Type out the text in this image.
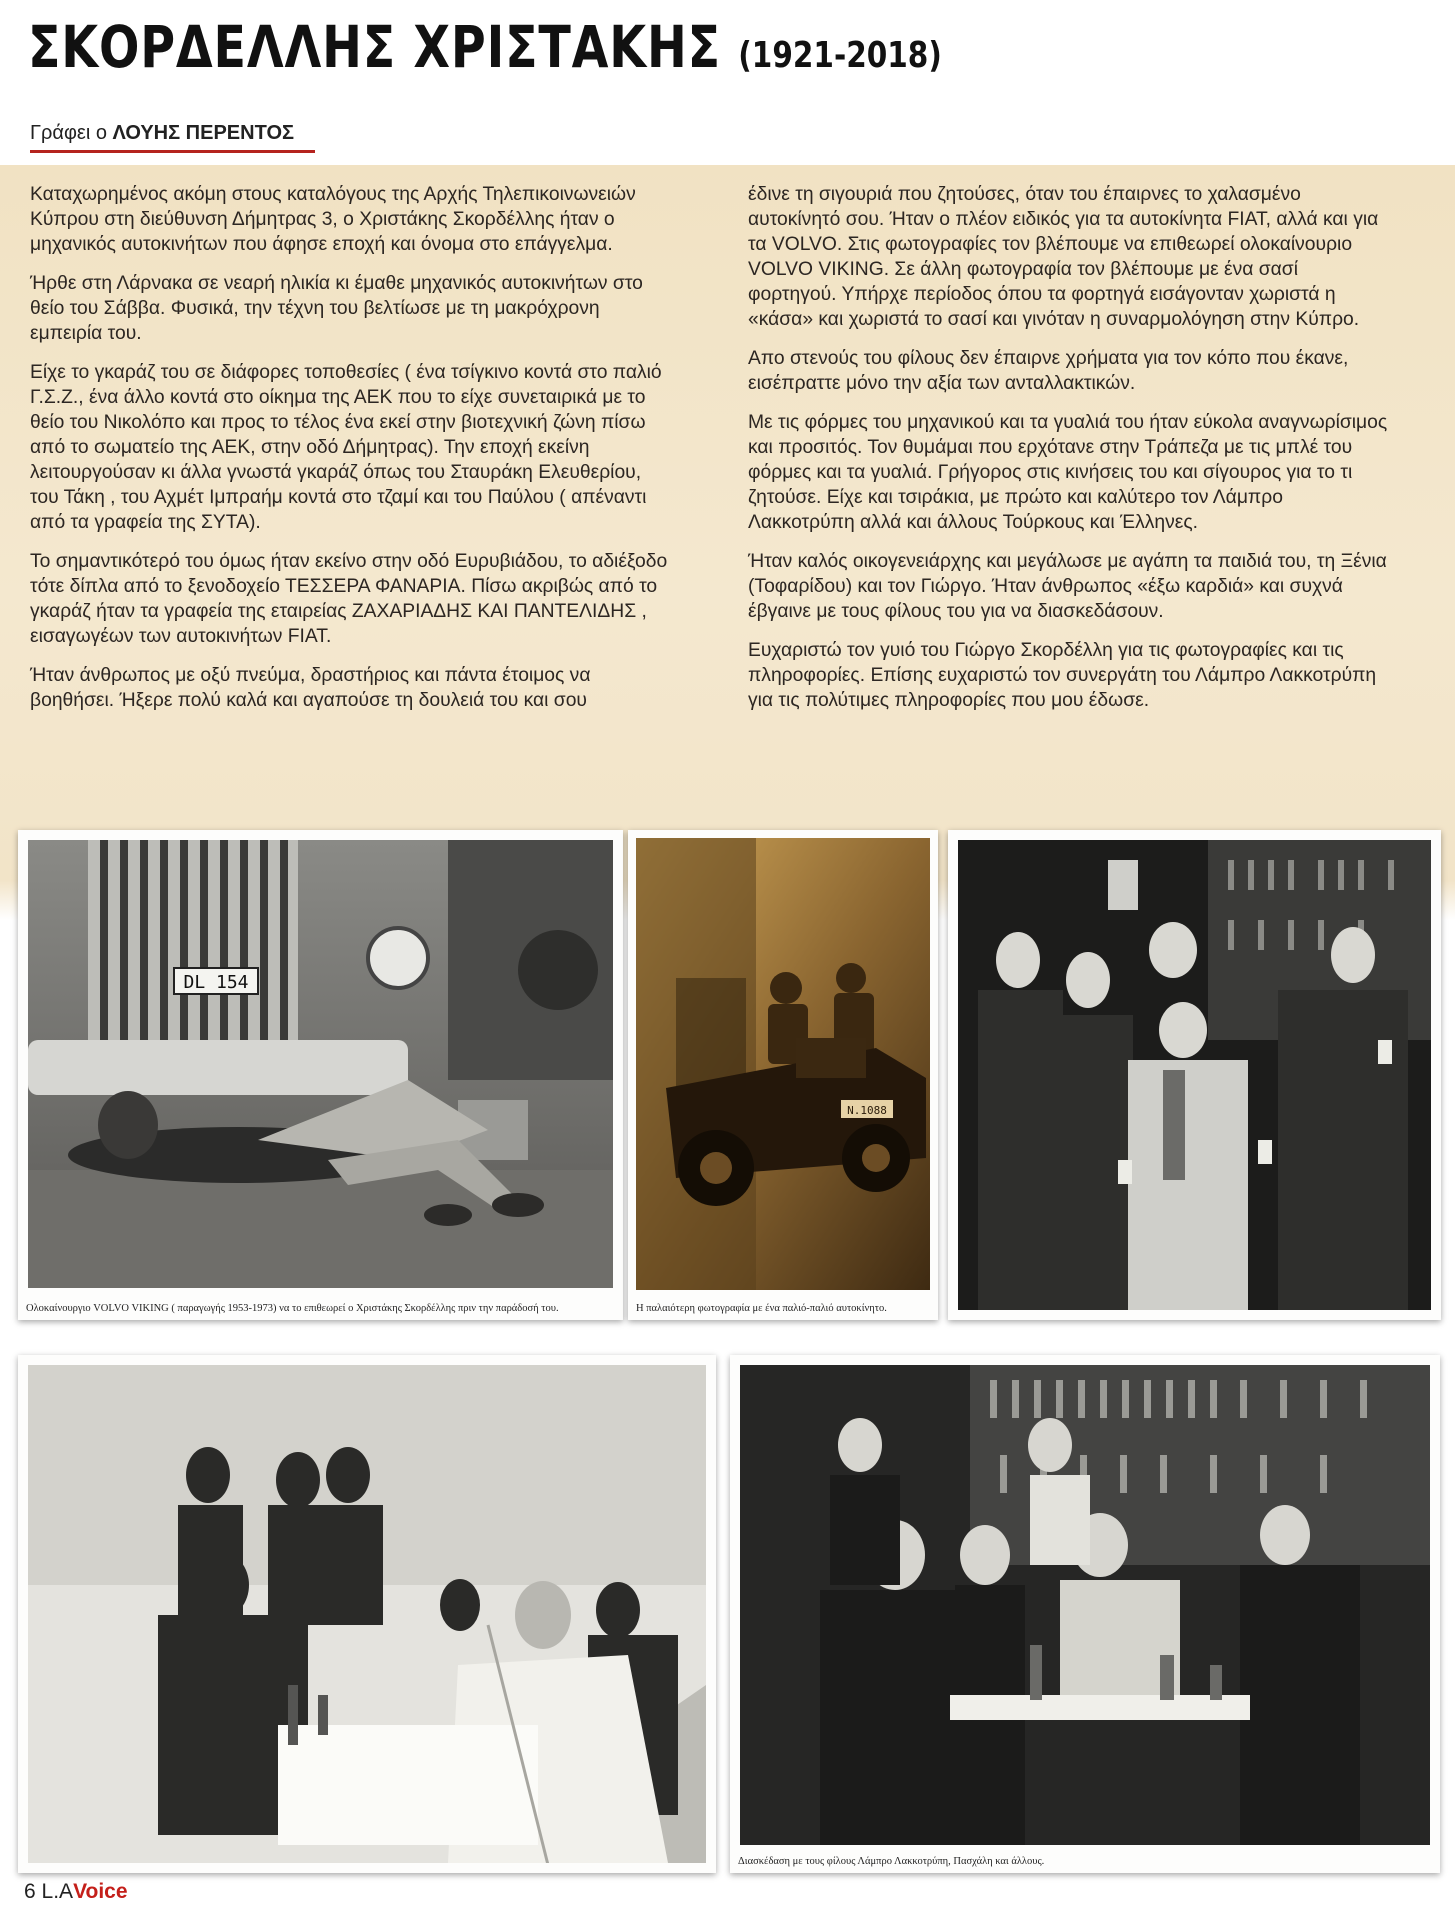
ΣΚΟΡΔΕΛΛΗΣ ΧΡΙΣΤΑΚΗΣ (1921-2018)
Γράφει ο ΛΟΥΗΣ ΠΕΡΕΝΤΟΣ

Καταχωρημένος ακόμη στους καταλόγους της Αρχής Τηλεπικοινωνειών Κύπρου στη διεύθυνση Δήμητρας 3, ο Χριστάκης Σκορδέλλης ήταν ο μηχανικός αυτοκινήτων που άφησε εποχή και όνομα στο επάγγελμα.

Ήρθε στη Λάρνακα σε νεαρή ηλικία κι έμαθε μηχανικός αυτοκινήτων στο θείο του Σάββα. Φυσικά, την τέχνη του βελτίωσε με τη μακρόχρονη εμπειρία του.

Είχε το γκαράζ του σε διάφορες τοποθεσίες ( ένα τσίγκινο κοντά στο παλιό Γ.Σ.Ζ., ένα άλλο κοντά στο οίκημα της ΑΕΚ που το είχε συνεταιρικά με το θείο του Νικολόπο και προς το τέλος ένα εκεί στην βιοτεχνική ζώνη πίσω από το σωματείο της ΑΕΚ, στην οδό Δήμητρας). Την εποχή εκείνη λειτουργούσαν κι άλλα γνωστά γκαράζ όπως του Σταυράκη Ελευθερίου, του Τάκη , του Αχμέτ Ιμπραήμ κοντά στο τζαμί και του Παύλου ( απέναντι από τα γραφεία της ΣΥΤΑ).

Το σημαντικότερό του όμως ήταν εκείνο στην οδό Ευρυβιάδου, το αδιέξοδο τότε δίπλα από το ξενοδοχείο ΤΕΣΣΕΡΑ ΦΑΝΑΡΙΑ. Πίσω ακριβώς από το γκαράζ ήταν τα γραφεία της εταιρείας ΖΑΧΑΡΙΑΔΗΣ ΚΑΙ ΠΑΝΤΕΛΙΔΗΣ , εισαγωγέων των αυτοκινήτων FIAT.

Ήταν άνθρωπος με οξύ πνεύμα, δραστήριος και πάντα έτοιμος να βοηθήσει. Ήξερε πολύ καλά και αγαπούσε τη δουλειά του και σου

έδινε τη σιγουριά που ζητούσες, όταν του έπαιρνες το χαλασμένο αυτοκίνητό σου. Ήταν ο πλέον ειδικός για τα αυτοκίνητα FIAT, αλλά και για τα VOLVO. Στις φωτογραφίες τον βλέπουμε να επιθεωρεί ολοκαίνουριο VOLVO VIKING. Σε άλλη φωτογραφία τον βλέπουμε με ένα σασί φορτηγού. Υπήρχε περίοδος όπου τα φορτηγά εισάγονταν χωριστά η «κάσα» και χωριστά το σασί και γινόταν η συναρμολόγηση στην Κύπρο.

Απο στενούς του φίλους δεν έπαιρνε χρήματα για τον κόπο που έκανε, εισέπραττε μόνο την αξία των ανταλλακτικών.

Με τις φόρμες του μηχανικού και τα γυαλιά του ήταν εύκολα αναγνωρίσιμος και προσιτός. Τον θυμάμαι που ερχότανε στην Τράπεζα με τις μπλέ του φόρμες και τα γυαλιά. Γρήγορος στις κινήσεις του και σίγουρος για το τι ζητούσε. Είχε και τσιράκια, με πρώτο και καλύτερο τον Λάμπρο Λακκοτρύπη αλλά και άλλους Τούρκους και Έλληνες.

Ήταν καλός οικογενειάρχης και μεγάλωσε με αγάπη τα παιδιά του, τη Ξένια (Τοφαρίδου) και τον Γιώργο. Ήταν άνθρωπος «έξω καρδιά» και συχνά έβγαινε με τους φίλους του για να διασκεδάσουν.

Ευχαριστώ τον γυιό του Γιώργο Σκορδέλλη για τις φωτογραφίες και τις πληροφορίες. Επίσης ευχαριστώ τον συνεργάτη του Λάμπρο Λακκοτρύπη για τις πολύτιμες πληροφορίες που μου έδωσε.

DL 154
Ολοκαίνουργιο VOLVO VIKING ( παραγωγής 1953-1973) να το επιθεωρεί ο Χριστάκης Σκορδέλλης πριν την παράδοσή του.
Ν.1088
Η παλαιότερη φωτογραφία με ένα παλιό-παλιό αυτοκίνητο.
Διασκέδαση με τους φίλους Λάμπρο Λακκοτρύπη, Πασχάλη και άλλους.
6 L.AVoice
